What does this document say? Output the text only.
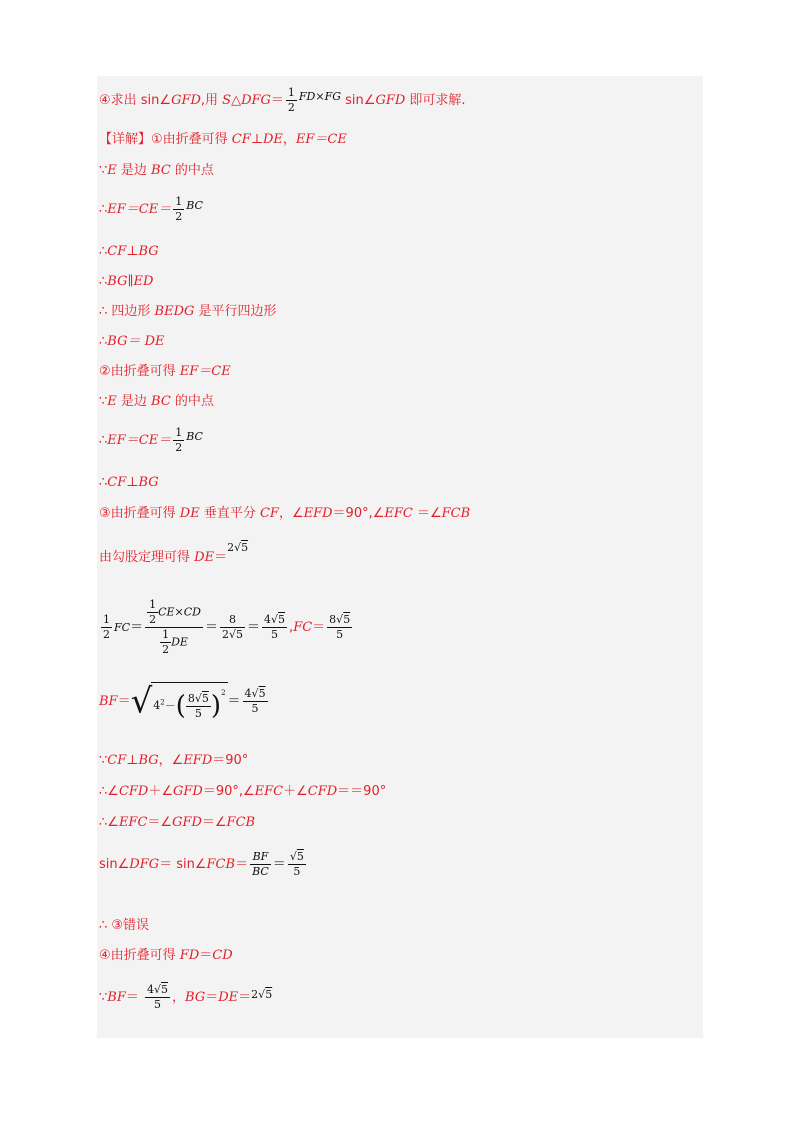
④求出 sin∠GFD,用 S△DFG＝ $\frac{1}{2} ^{FD\times FG}$ sin∠GFD 即可求解.
【详解】①由折叠可得 CF⊥DE，EF＝CE
∵E 是边 BC 的中点
∴EF＝CE＝ $\frac{1}{2} ^{BC}$
∴CF⊥BG
∴BG∥ED
∴ 四边形 BEDG 是平行四边形
∴BG＝ DE
②由折叠可得 EF＝CE
∵E 是边 BC 的中点
∴EF＝CE＝ $\frac{1}{2} ^{BC}$
∴CF⊥BG
③由折叠可得 DE 垂直平分 CF，∠EFD＝90°,∠EFC ＝∠FCB
由勾股定理可得 DE＝$^{2√5}$
$\frac{1}{2} FC= \frac{\frac{1}{2} CE\times CD}{\frac{1}{2} DE} = \frac{8}{2√5} = \frac{4√5}{5} ,FC= \frac{8√5}{5}$
$BF=√4^2-( \frac{8√5}{5} )^2= \frac{4√5}{5}$
∵CF⊥BG，∠EFD＝90°
∴∠CFD＋∠GFD＝90°,∠EFC＋∠CFD＝＝90°
∴∠EFC＝∠GFD＝∠FCB
sin∠DFG＝ sin∠FCB＝ $\frac{BF}{BC} = \frac{√5}{5}$
∴ ③错误
④由折叠可得 FD＝CD
∵BF＝ $\frac{4√5}{5}$ ，BG＝DE＝$^{2√5}$
